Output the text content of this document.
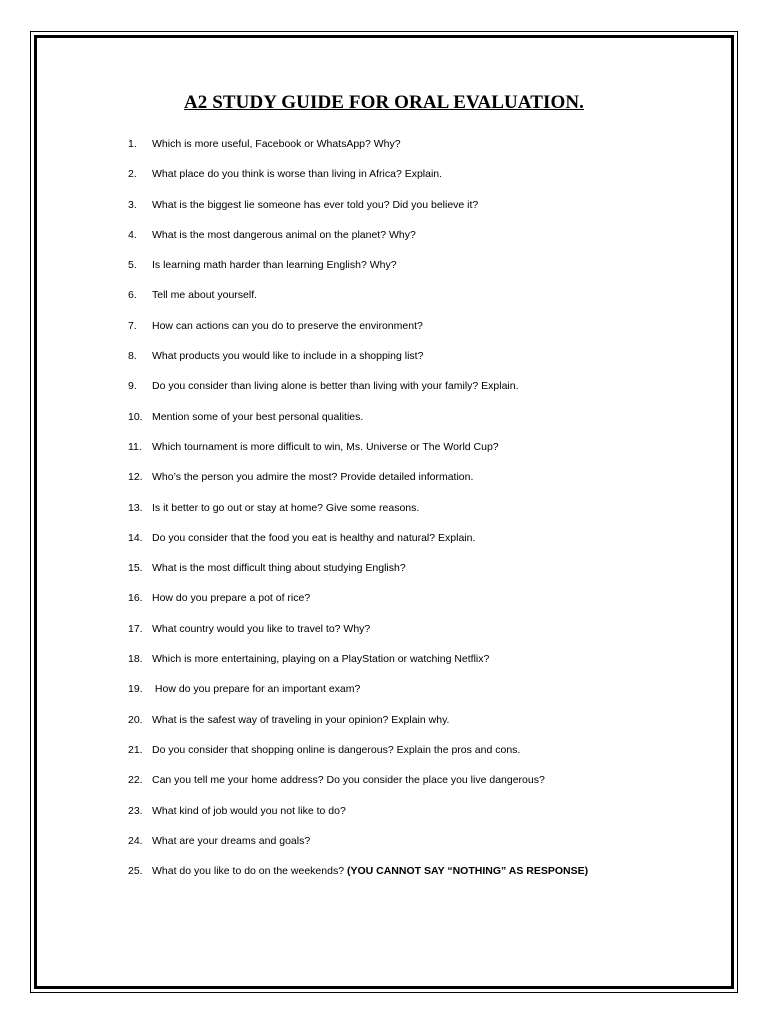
A2 STUDY GUIDE FOR ORAL EVALUATION.
1. Which is more useful, Facebook or WhatsApp? Why?
2. What place do you think is worse than living in Africa? Explain.
3. What is the biggest lie someone has ever told you? Did you believe it?
4. What is the most dangerous animal on the planet? Why?
5. Is learning math harder than learning English? Why?
6. Tell me about yourself.
7. How can actions can you do to preserve the environment?
8. What products you would like to include in a shopping list?
9. Do you consider than living alone is better than living with your family? Explain.
10. Mention some of your best personal qualities.
11. Which tournament is more difficult to win, Ms. Universe or The World Cup?
12. Who’s the person you admire the most? Provide detailed information.
13. Is it better to go out or stay at home? Give some reasons.
14. Do you consider that the food you eat is healthy and natural? Explain.
15. What is the most difficult thing about studying English?
16. How do you prepare a pot of rice?
17. What country would you like to travel to? Why?
18. Which is more entertaining, playing on a PlayStation or watching Netflix?
19. How do you prepare for an important exam?
20. What is the safest way of traveling in your opinion? Explain why.
21. Do you consider that shopping online is dangerous? Explain the pros and cons.
22. Can you tell me your home address? Do you consider the place you live dangerous?
23. What kind of job would you not like to do?
24. What are your dreams and goals?
25. What do you like to do on the weekends? (YOU CANNOT SAY “NOTHING” AS RESPONSE)
